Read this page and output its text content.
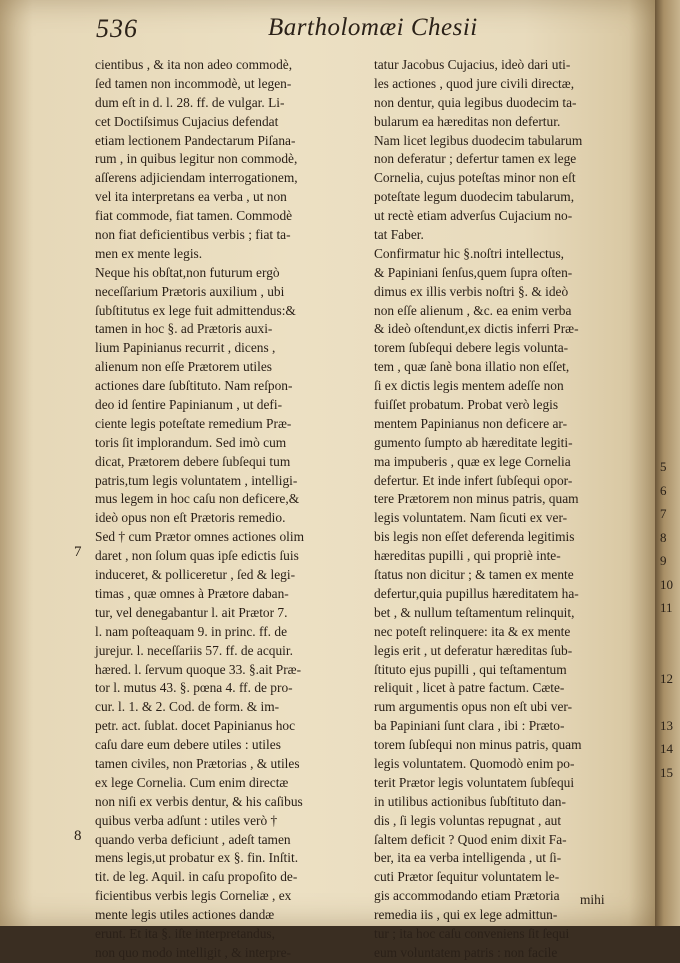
536	Bartholomæi Chesii
cientibus , & ita non adeo commodè,
ſed tamen non incommodè, ut legen-
dum eſt in d. l. 28. ff. de vulgar. Li-
cet Doctiſsimus Cujacius defendat
etiam lectionem Pandectarum Piſana-
rum , in quibus legitur non commodè,
aſſerens adjiciendam interrogationem,
vel ita interpretans ea verba , ut non
fiat commode, fiat tamen. Commodè
non fiat deficientibus verbis ; fiat ta-
men ex mente legis.
Neque his obſtat,non futurum ergò
neceſſarium Prætoris auxilium , ubi
ſubſtitutus ex lege fuit admittendus:&
tamen in hoc §. ad Prætoris auxi-
lium Papinianus recurrit , dicens ,
alienum non eſſe Prætorem utiles
actiones dare ſubſtituto. Nam reſpon-
deo id ſentire Papinianum , ut defi-
ciente legis poteſtate remedium Præ-
toris ſit implorandum. Sed imò cum
dicat, Prætorem debere ſubſequi tum
patris,tum legis voluntatem , intelligi-
mus legem in hoc caſu non deficere,&
ideò opus non eſt Prætoris remedio.
Sed † cum Prætor omnes actiones olim
daret , non ſolum quas ipſe edictis ſuis
induceret, & polliceretur , ſed & legi-
timas , quæ omnes à Prætore daban-
tur, vel denegabantur l. ait Prætor 7.
l. nam poſteaquam 9. in princ. ff. de
jurejur. l. neceſſariis 57. ff. de acquir.
hæred. l. ſervum quoque 33. §.ait Præ-
tor l. mutus 43. §. pœna 4. ff. de pro-
cur. l. 1. & 2. Cod. de form. & im-
petr. act. ſublat. docet Papinianus hoc
caſu dare eum debere utiles : utiles
tamen civiles, non Prætorias , & utiles
ex lege Cornelia. Cum enim directæ
non niſi ex verbis dentur, & his caſibus
quibus verba adſunt : utiles verò †
quando verba deficiunt , adeſt tamen
mens legis,ut probatur ex §. fin. Inſtit.
tit. de leg. Aquil. in caſu propoſito de-
ficientibus verbis legis Corneliæ , ex
mente legis utiles actiones dandæ
erunt. Et ita §. iſte interpretandus,
non quo modo intelligit , & interpre-
tatur Jacobus Cujacius, ideò dari uti-
les actiones , quod jure civili directæ,
non dentur, quia legibus duodecim ta-
bularum ea hæreditas non defertur.
Nam licet legibus duodecim tabularum
non deferatur ; defertur tamen ex lege
Cornelia, cujus poteſtas minor non eſt
poteſtate legum duodecim tabularum,
ut rectè etiam adverſus Cujacium no-
tat Faber.
Confirmatur hic §.noſtri intellectus,
& Papiniani ſenſus,quem ſupra oſten-
dimus ex illis verbis noſtri §. & ideò
non eſſe alienum , &c. ea enim verba
& ideò oſtendunt,ex dictis inferri Præ-
torem ſubſequi debere legis volunta-
tem , quæ ſanè bona illatio non eſſet,
ſi ex dictis legis mentem adeſſe non
fuiſſet probatum. Probat verò legis
mentem Papinianus non deficere ar-
gumento ſumpto ab hæreditate legiti-
ma impuberis , quæ ex lege Cornelia
defertur. Et inde infert ſubſequi opor-
tere Prætorem non minus patris, quam
legis voluntatem. Nam ſicuti ex ver-
bis legis non eſſet deferenda legitimis
hæreditas pupilli , qui propriè inte-
ſtatus non dicitur ; & tamen ex mente
defertur,quia pupillus hæreditatem ha-
bet , & nullum teſtamentum relinquit,
nec poteſt relinquere: ita & ex mente
legis erit , ut deferatur hæreditas ſub-
ſtituto ejus pupilli , qui teſtamentum
reliquit , licet à patre factum. Cæte-
rum argumentis opus non eſt ubi ver-
ba Papiniani ſunt clara , ibi : Præto-
torem ſubſequi non minus patris, quam
legis voluntatem. Quomodò enim po-
terit Prætor legis voluntatem ſubſequi
in utilibus actionibus ſubſtituto dan-
dis , ſi legis voluntas repugnat , aut
ſaltem deficit ? Quod enim dixit Fa-
ber, ita ea verba intelligenda , ut ſi-
cuti Prætor ſequitur voluntatem le-
gis accommodando etiam Prætoria
remedia iis , qui ex lege admittun-
tur ; ita hoc caſu conveniens ſit ſequi
eum voluntatem patris : non facile
7
8
mihi
5
6
7
8
9
10
11
12
13
14
15
